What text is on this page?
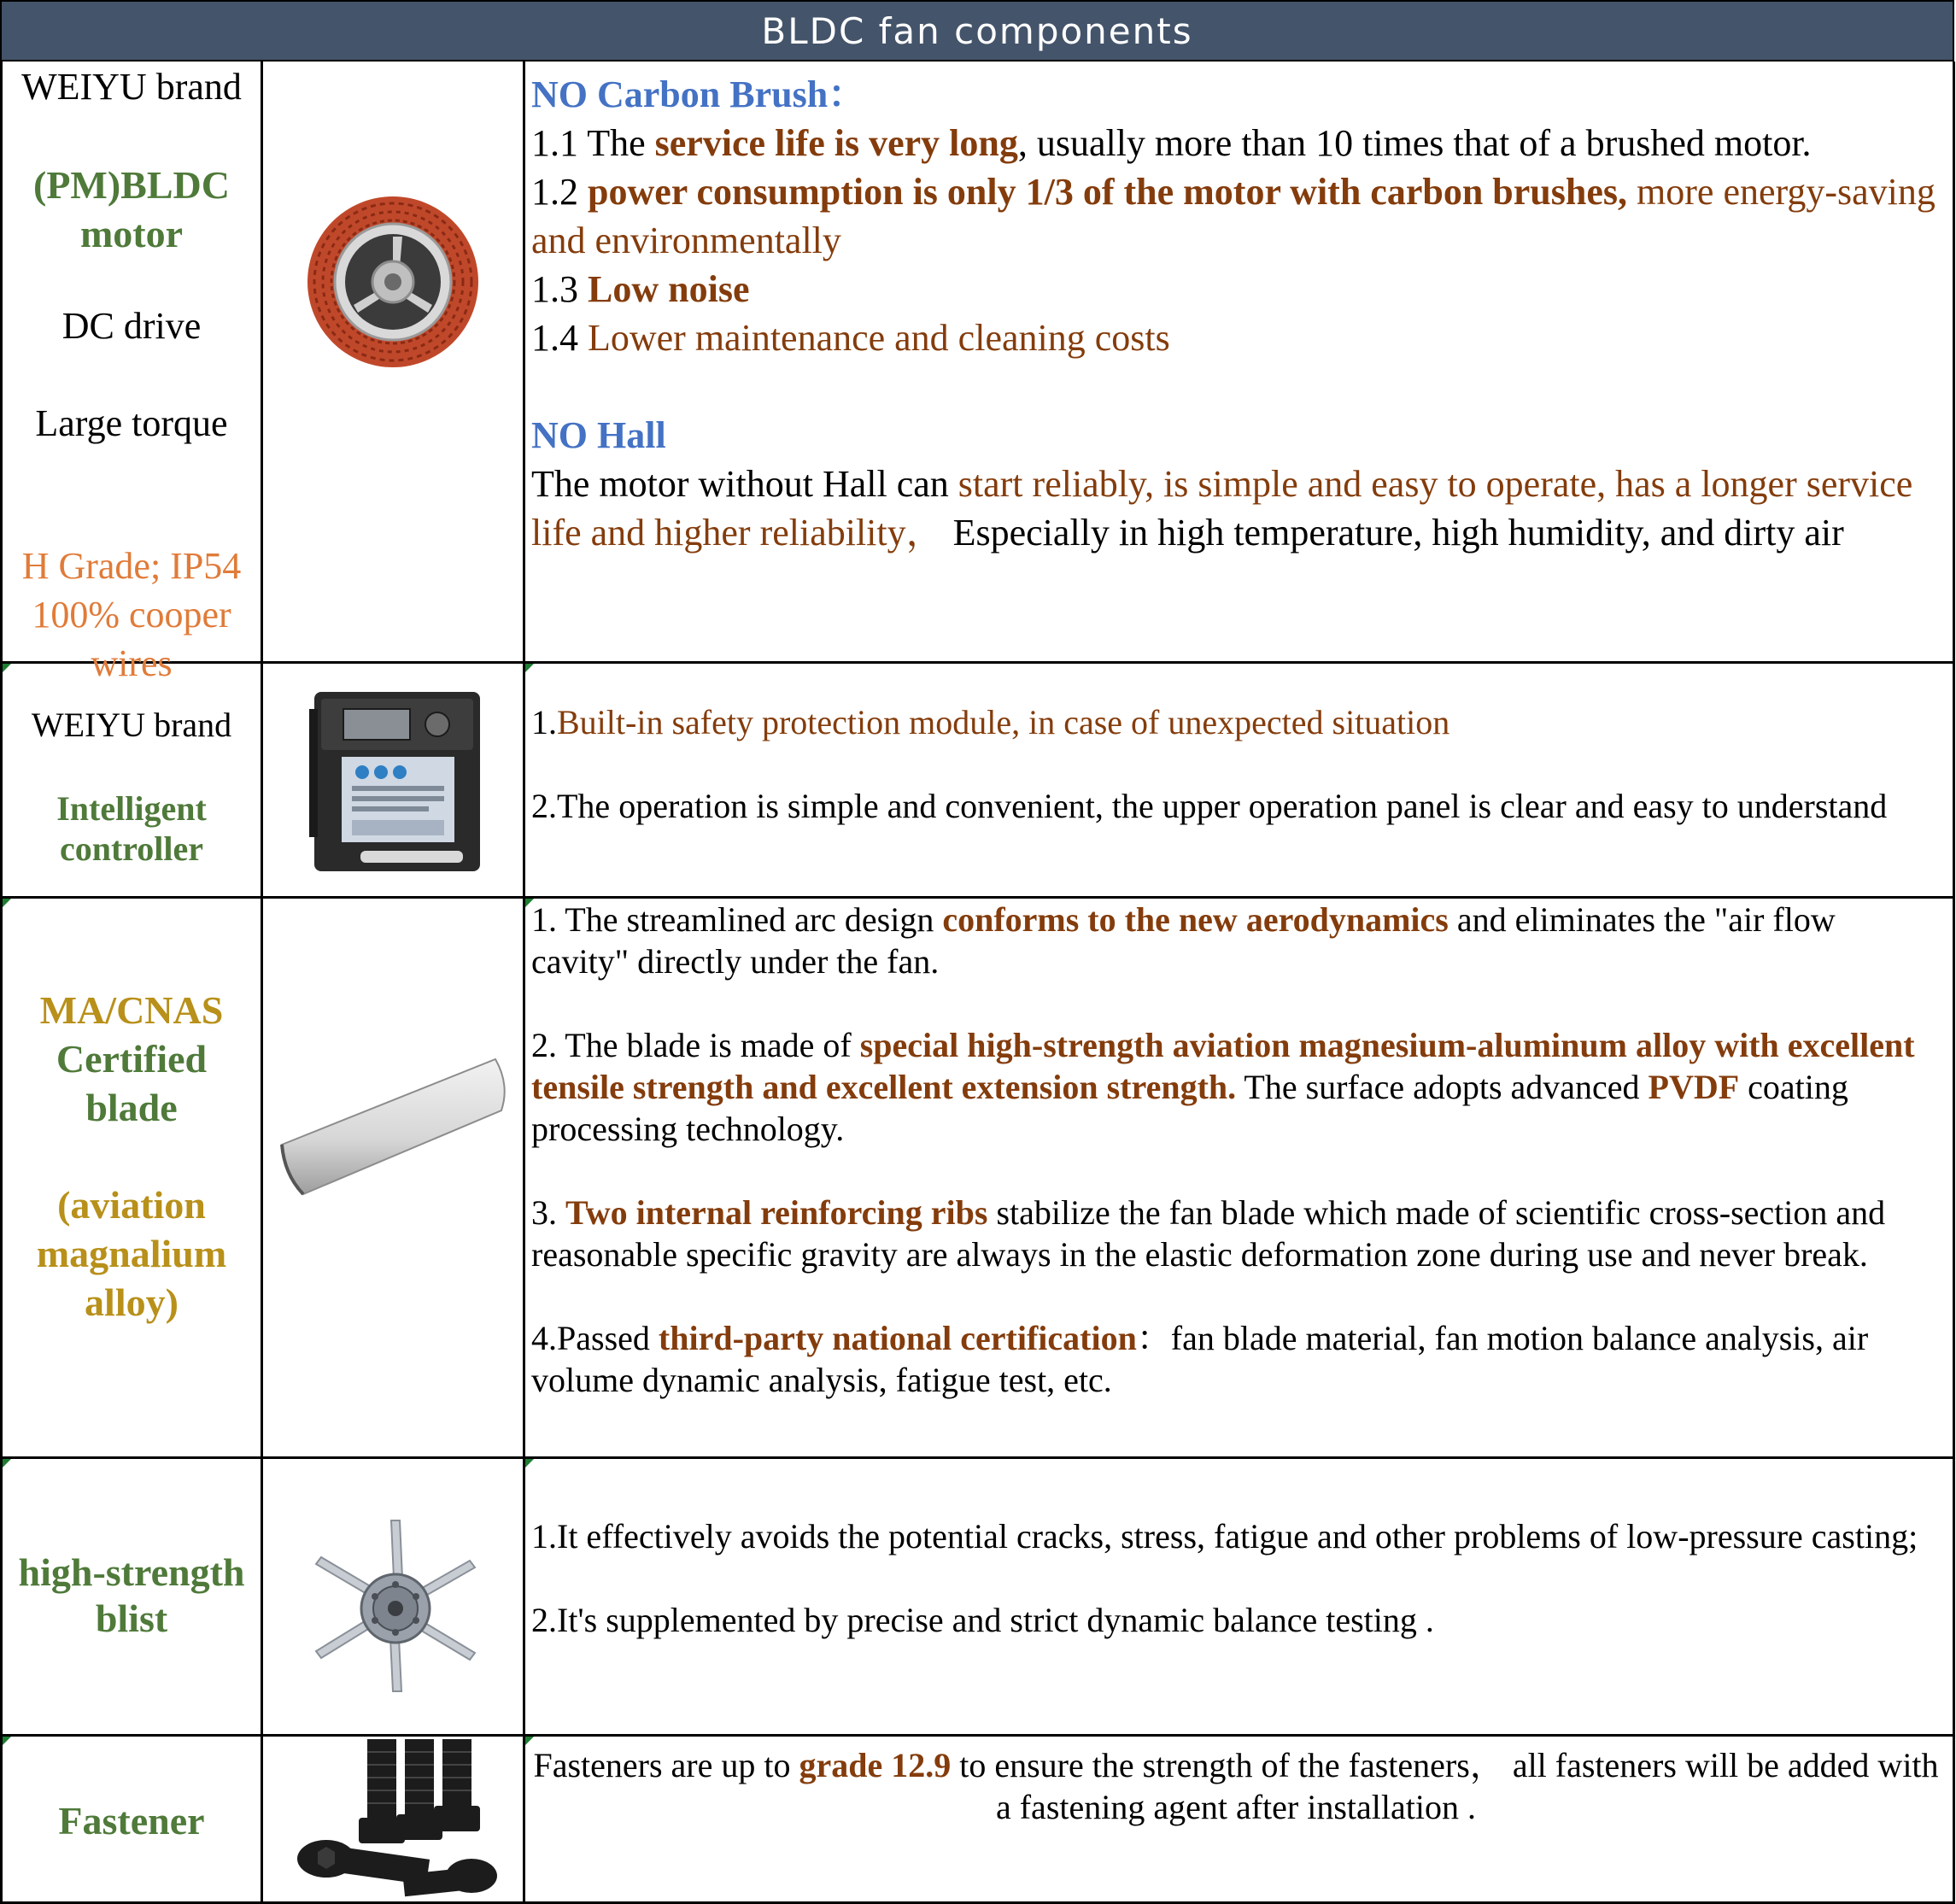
BLDC fan components
WEIYU brand
(PM)BLDC
motor
DC drive
Large torque
H Grade; IP54
100% cooper
wires
NO Carbon Brush：
1.1 The service life is very long, usually more than 10 times that of a brushed motor.
1.2 power consumption is only 1/3 of the motor with carbon brushes, more energy-saving and environmentally
1.3 Low noise
1.4 Lower maintenance and cleaning costs
NO Hall
The motor without Hall can start reliably, is simple and easy to operate, has a longer service life and higher reliability， Especially in high temperature, high humidity, and dirty air
WEIYU brand
Intelligent
controller
1.Built-in safety protection module, in case of unexpected situation
2.The operation is simple and convenient, the upper operation panel is clear and easy to understand
MA/CNAS
Certified
blade
(aviation
magnalium
alloy)
1. The streamlined arc design conforms to the new aerodynamics and eliminates the "air flow cavity" directly under the fan.
2. The blade is made of special high-strength aviation magnesium-aluminum alloy with excellent tensile strength and excellent extension strength. The surface adopts advanced PVDF coating processing technology.
3. Two internal reinforcing ribs stabilize the fan blade which made of scientific cross-section and reasonable specific gravity are always in the elastic deformation zone during use and never break.
4.Passed third-party national certification：fan blade material, fan motion balance analysis, air volume dynamic analysis, fatigue test, etc.
high-strength
blist
1.It effectively avoids the potential cracks, stress, fatigue and other problems of low-pressure casting;
2.It's supplemented by precise and strict dynamic balance testing .
Fastener
Fasteners are up to grade 12.9 to ensure the strength of the fasteners， all fasteners will be added with a fastening agent after installation .
